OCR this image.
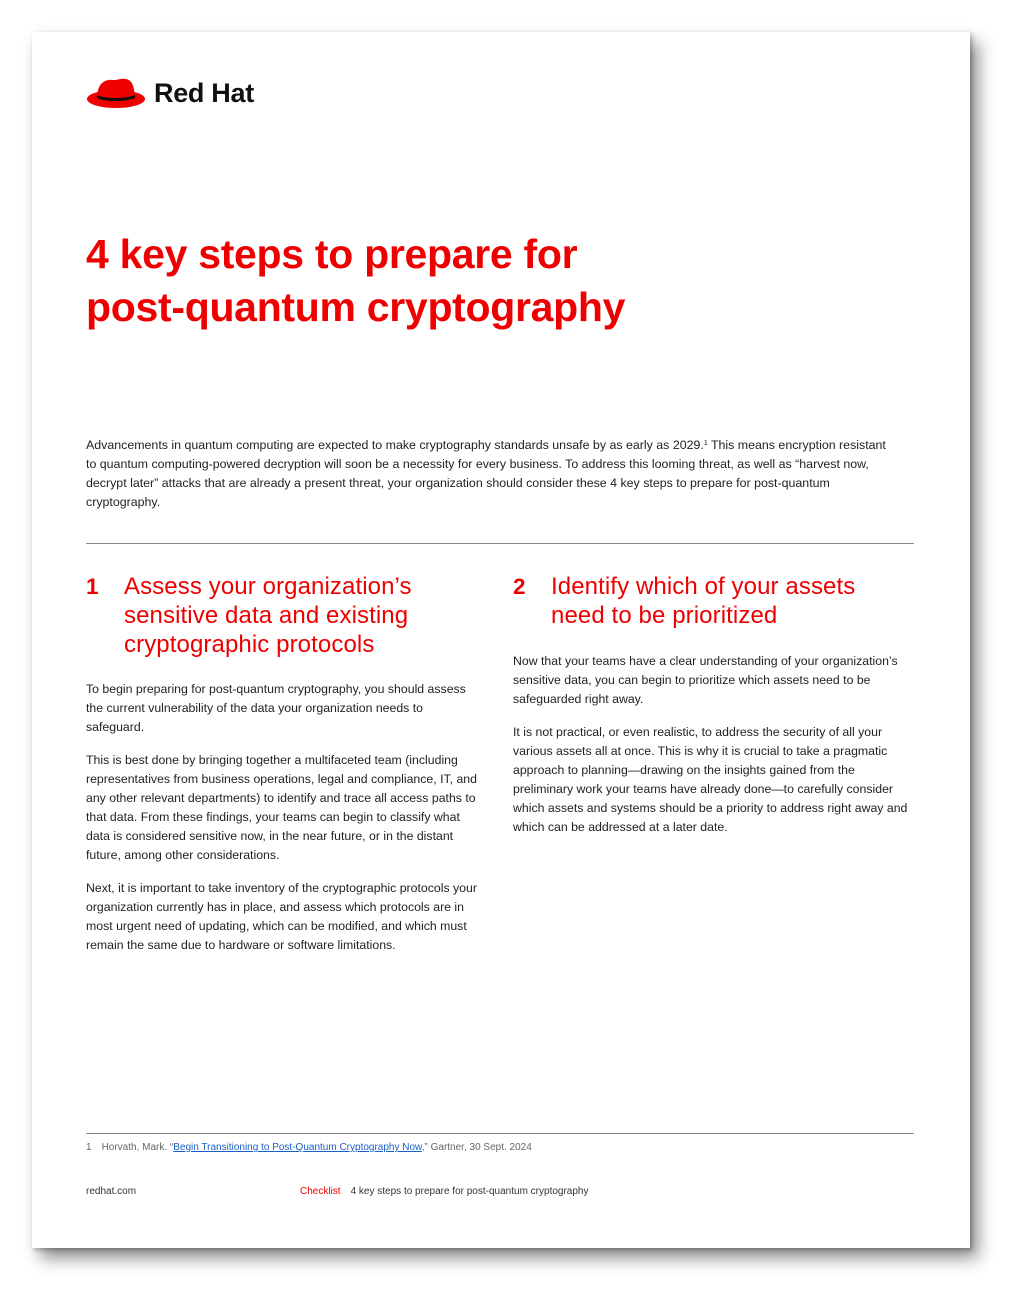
Red Hat
4 key steps to prepare for
post-quantum cryptography

Advancements in quantum computing are expected to make cryptography standards unsafe by as early as 2029.$^1$ This means encryption resistant to quantum computing-powered decryption will soon be a necessity for every business. To address this looming threat, as well as “harvest now, decrypt later” attacks that are already a present threat, your organization should consider these 4 key steps to prepare for post-quantum cryptography.

1	Assess your organization’s
sensitive data and existing
cryptographic protocols

To begin preparing for post-quantum cryptography, you should assess the current vulnerability of the data your organization needs to safeguard.

This is best done by bringing together a multifaceted team (including representatives from business operations, legal and compliance, IT, and any other relevant departments) to identify and trace all access paths to that data. From these findings, your teams can begin to classify what data is considered sensitive now, in the near future, or in the distant future, among other considerations.

Next, it is important to take inventory of the cryptographic protocols your organization currently has in place, and assess which protocols are in most urgent need of updating, which can be modified, and which must remain the same due to hardware or software limitations.

2	Identify which of your assets
need to be prioritized

Now that your teams have a clear understanding of your organization’s sensitive data, you can begin to prioritize which assets need to be safeguarded right away.

It is not practical, or even realistic, to address the security of all your various assets all at once. This is why it is crucial to take a pragmatic approach to planning—drawing on the insights gained from the preliminary work your teams have already done—to carefully consider which assets and systems should be a priority to address right away and which can be addressed at a later date.

1 Horvath, Mark. “Begin Transitioning to Post-Quantum Cryptography Now,” Gartner, 30 Sept. 2024
redhat.com	Checklist 4 key steps to prepare for post-quantum cryptography
